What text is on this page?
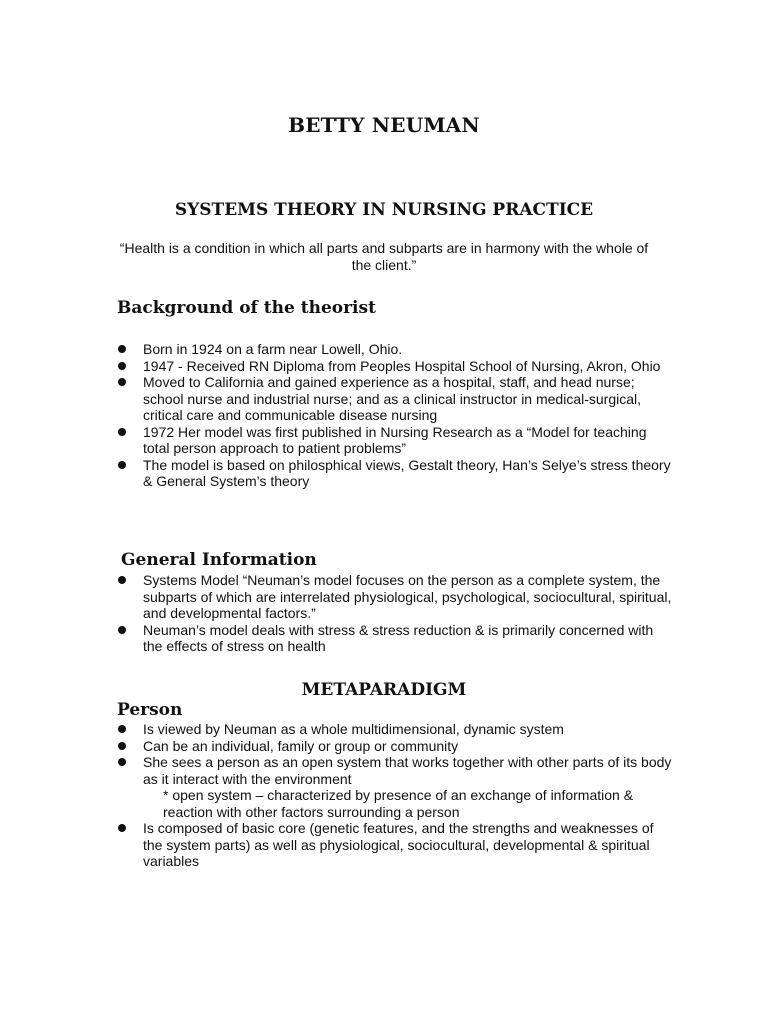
BETTY NEUMAN
SYSTEMS THEORY IN NURSING PRACTICE

“Health is a condition in which all parts and subparts are in harmony with the whole of the client.”

Background of the theorist
Born in 1924 on a farm near Lowell, Ohio.
1947 - Received RN Diploma from Peoples Hospital School of Nursing, Akron, Ohio
Moved to California and gained experience as a hospital, staff, and head nurse; school nurse and industrial nurse; and as a clinical instructor in medical-surgical, critical care and communicable disease nursing
1972 Her model was first published in Nursing Research as a “Model for teaching total person approach to patient problems”
The model is based on philosphical views, Gestalt theory, Han’s Selye’s stress theory & General System’s theory
General Information
Systems Model “Neuman’s model focuses on the person as a complete system, the subparts of which are interrelated physiological, psychological, sociocultural, spiritual, and developmental factors.”
Neuman’s model deals with stress & stress reduction & is primarily concerned with the effects of stress on health
METAPARADIGM
Person
Is viewed by Neuman as a whole multidimensional, dynamic system
Can be an individual, family or group or community
She sees a person as an open system that works together with other parts of its body as it interact with the environment
* open system – characterized by presence of an exchange of information & reaction with other factors surrounding a person
Is composed of basic core (genetic features, and the strengths and weaknesses of the system parts) as well as physiological, sociocultural, developmental & spiritual variables
